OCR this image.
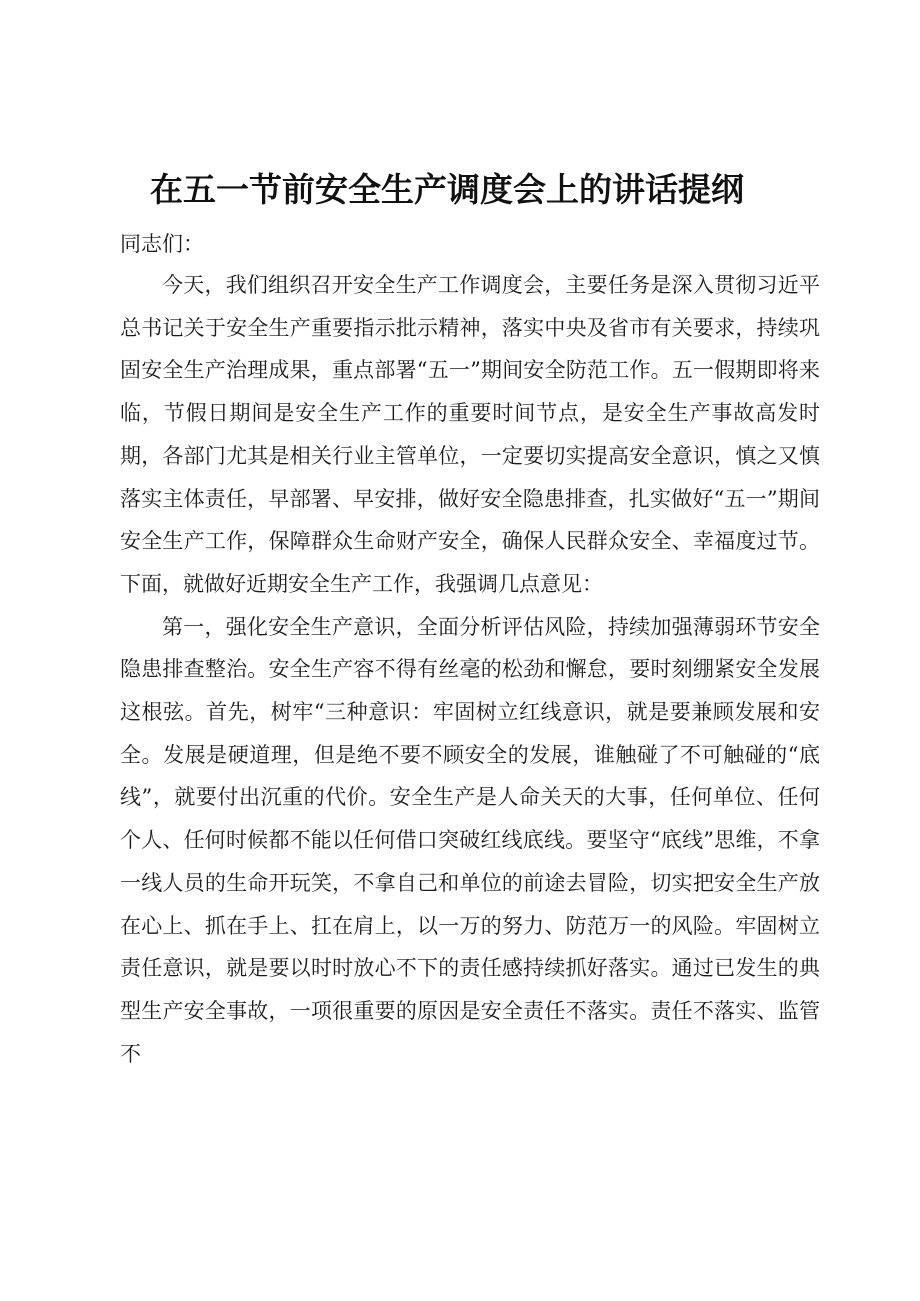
在五一节前安全生产调度会上的讲话提纲
同志们：

今天，我们组织召开安全生产工作调度会，主要任务是深入贯彻习近平总书记关于安全生产重要指示批示精神，落实中央及省市有关要求，持续巩固安全生产治理成果，重点部署“五一”期间安全防范工作。五一假期即将来临，节假日期间是安全生产工作的重要时间节点，是安全生产事故高发时期，各部门尤其是相关行业主管单位，一定要切实提高安全意识，慎之又慎落实主体责任，早部署、早安排，做好安全隐患排查，扎实做好“五一”期间安全生产工作，保障群众生命财产安全，确保人民群众安全、幸福度过节。下面，就做好近期安全生产工作，我强调几点意见：

第一，强化安全生产意识，全面分析评估风险，持续加强薄弱环节安全隐患排查整治。安全生产容不得有丝毫的松劲和懈怠，要时刻绷紧安全发展这根弦。首先，树牢“三种意识：牢固树立红线意识，就是要兼顾发展和安全。发展是硬道理，但是绝不要不顾安全的发展，谁触碰了不可触碰的“底线”，就要付出沉重的代价。安全生产是人命关天的大事，任何单位、任何个人、任何时候都不能以任何借口突破红线底线。要坚守“底线”思维，不拿一线人员的生命开玩笑，不拿自己和单位的前途去冒险，切实把安全生产放在心上、抓在手上、扛在肩上，以一万的努力、防范万一的风险。牢固树立责任意识，就是要以时时放心不下的责任感持续抓好落实。通过已发生的典型生产安全事故，一项很重要的原因是安全责任不落实。责任不落实、监管不
